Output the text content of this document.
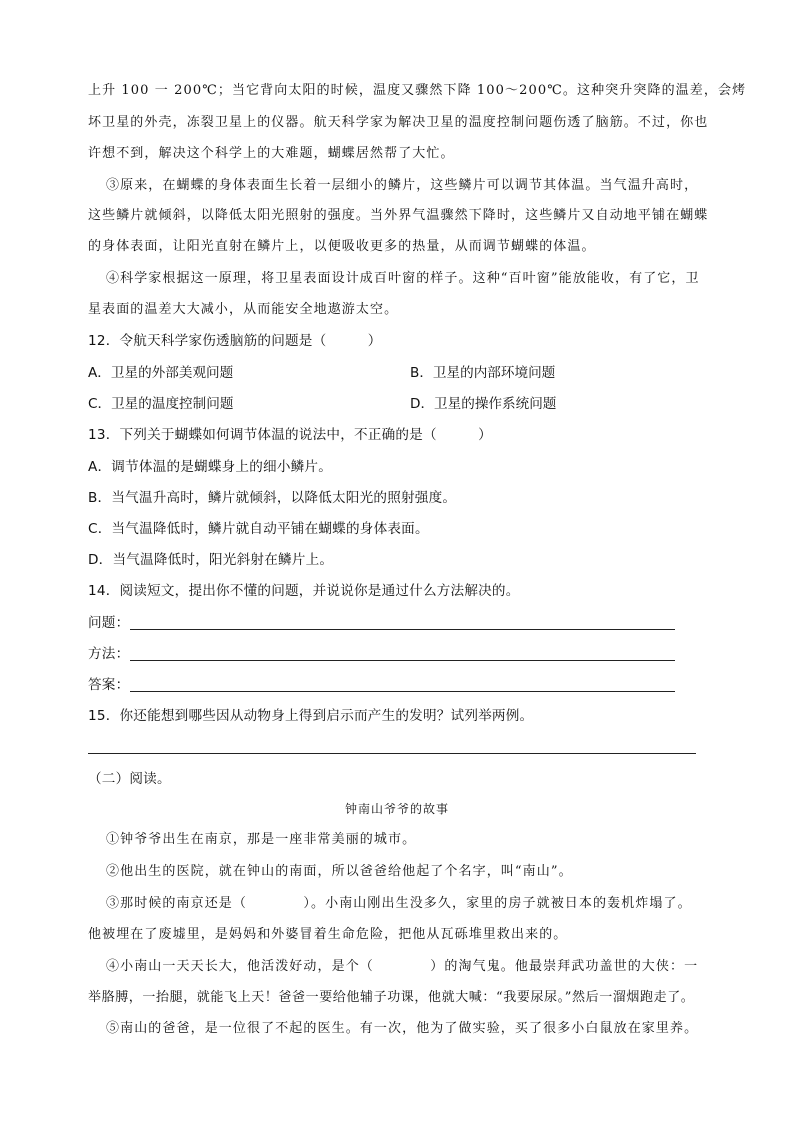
上升 100 一 200℃；当它背向太阳的时候，温度又骤然下降 100～200℃。这种突升突降的温差，会烤
坏卫星的外壳，冻裂卫星上的仪器。航天科学家为解决卫星的温度控制问题伤透了脑筋。不过，你也
许想不到，解决这个科学上的大难题，蝴蝶居然帮了大忙。
③原来，在蝴蝶的身体表面生长着一层细小的鳞片，这些鳞片可以调节其体温。当气温升高时，
这些鳞片就倾斜，以降低太阳光照射的强度。当外界气温骤然下降时，这些鳞片又自动地平铺在蝴蝶
的身体表面，让阳光直射在鳞片上，以便吸收更多的热量，从而调节蝴蝶的体温。
④科学家根据这一原理，将卫星表面设计成百叶窗的样子。这种“百叶窗”能放能收，有了它，卫
星表面的温差大大减小，从而能安全地遨游太空。
12．令航天科学家伤透脑筋的问题是（　　　）
A．卫星的外部美观问题	B．卫星的内部环境问题
C．卫星的温度控制问题	D．卫星的操作系统问题
13．下列关于蝴蝶如何调节体温的说法中，不正确的是（　　　）
A．调节体温的是蝴蝶身上的细小鳞片。
B．当气温升高时，鳞片就倾斜，以降低太阳光的照射强度。
C．当气温降低时，鳞片就自动平铺在蝴蝶的身体表面。
D．当气温降低时，阳光斜射在鳞片上。
14．阅读短文，提出你不懂的问题，并说说你是通过什么方法解决的。
问题：
方法：
答案：
15．你还能想到哪些因从动物身上得到启示而产生的发明？试列举两例。
（二）阅读。
钟南山爷爷的故事
①钟爷爷出生在南京，那是一座非常美丽的城市。
②他出生的医院，就在钟山的南面，所以爸爸给他起了个名字，叫“南山”。
③那时候的南京还是（　　　　）。小南山刚出生没多久，家里的房子就被日本的轰机炸塌了。
他被埋在了废墟里，是妈妈和外婆冒着生命危险，把他从瓦砾堆里救出来的。
④小南山一天天长大，他活泼好动，是个（　　　　）的淘气鬼。他最崇拜武功盖世的大侠：一
举胳膊，一抬腿，就能飞上天！爸爸一要给他辅子功课，他就大喊：“我要尿尿。”然后一溜烟跑走了。
⑤南山的爸爸，是一位很了不起的医生。有一次，他为了做实验，买了很多小白鼠放在家里养。
